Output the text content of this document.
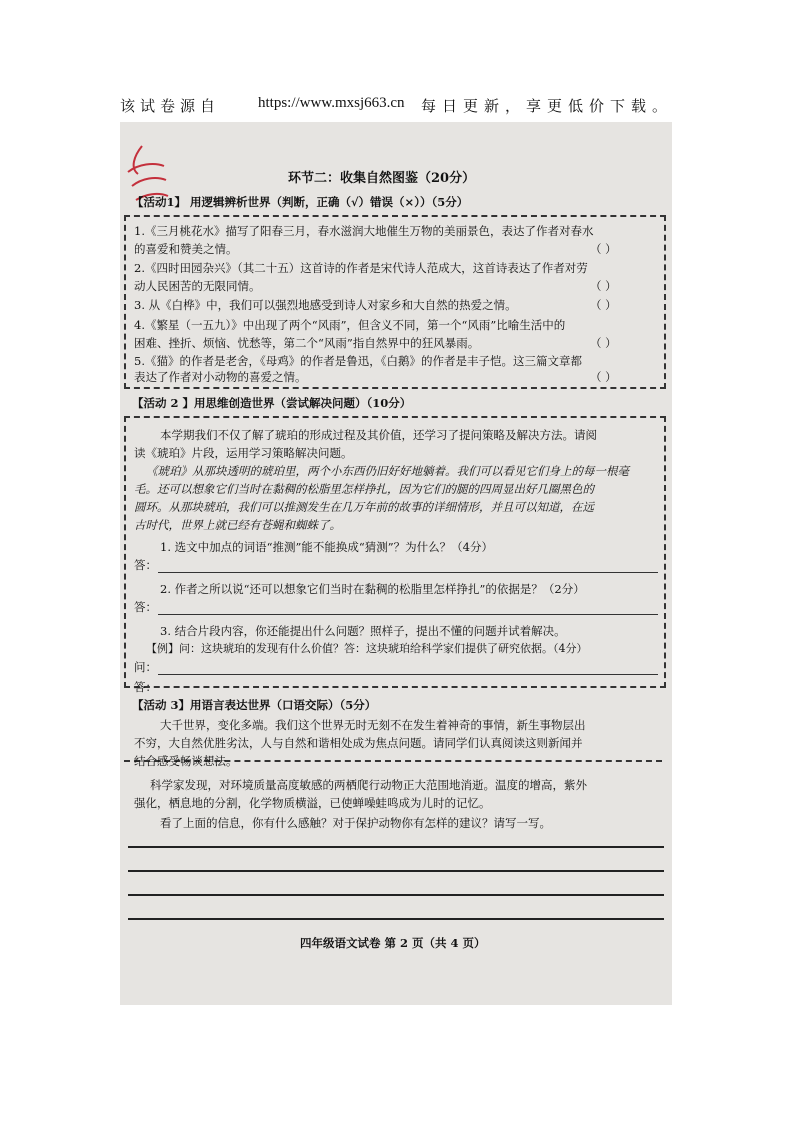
该试卷源自	https://www.mxsj663.cn 每日更新，享更低价下载。
环节二：收集自然图鉴（20分）
【活动1】 用逻辑辨析世界（判断，正确（√）错误（×））（5分）
1.《三月桃花水》描写了阳春三月，春水滋润大地催生万物的美丽景色，表达了作者对春水
的喜爱和赞美之情。	（ ）
2.《四时田园杂兴》（其二十五）这首诗的作者是宋代诗人范成大，这首诗表达了作者对劳
动人民困苦的无限同情。	（ ）
3. 从《白桦》中，我们可以强烈地感受到诗人对家乡和大自然的热爱之情。	（ ）
4.《繁星（一五九）》中出现了两个“风雨”，但含义不同，第一个“风雨”比喻生活中的
困难、挫折、烦恼、忧愁等，第二个“风雨”指自然界中的狂风暴雨。	（ ）
5.《猫》的作者是老舍，《母鸡》的作者是鲁迅，《白鹅》的作者是丰子恺。这三篇文章都
表达了作者对小动物的喜爱之情。	（ ）
【活动 2 】用思维创造世界（尝试解决问题）（10分）
本学期我们不仅了解了琥珀的形成过程及其价值，还学习了提问策略及解决方法。请阅
读《琥珀》片段，运用学习策略解决问题。
《琥珀》从那块透明的琥珀里，两个小东西仍旧好好地躺着。我们可以看见它们身上的每一根毫
毛。还可以想象它们当时在黏稠的松脂里怎样挣扎，因为它们的腿的四周显出好几圈黑色的
圆环。从那块琥珀，我们可以推测发生在几万年前的故事的详细情形，并且可以知道，在远
古时代，世界上就已经有苍蝇和蜘蛛了。
1. 选文中加点的词语“推测”能不能换成“猜测”？为什么？（4分）
答：
2. 作者之所以说“还可以想象它们当时在黏稠的松脂里怎样挣扎”的依据是？（2分）
答：
3. 结合片段内容，你还能提出什么问题？照样子，提出不懂的问题并试着解决。
【例】问：这块琥珀的发现有什么价值？答：这块琥珀给科学家们提供了研究依据。（4分）
问：
答：
【活动 3】用语言表达世界（口语交际）（5分）
大千世界，变化多端。我们这个世界无时无刻不在发生着神奇的事情，新生事物层出
不穷，大自然优胜劣汰，人与自然和谐相处成为焦点问题。请同学们认真阅读这则新闻并
结合感受畅谈想法。
科学家发现，对环境质量高度敏感的两栖爬行动物正大范围地消逝。温度的增高，紫外
强化，栖息地的分割，化学物质横溢，已使蝉噪蛙鸣成为儿时的记忆。
看了上面的信息，你有什么感触？对于保护动物你有怎样的建议？请写一写。
四年级语文试卷 第 2 页（共 4 页）
